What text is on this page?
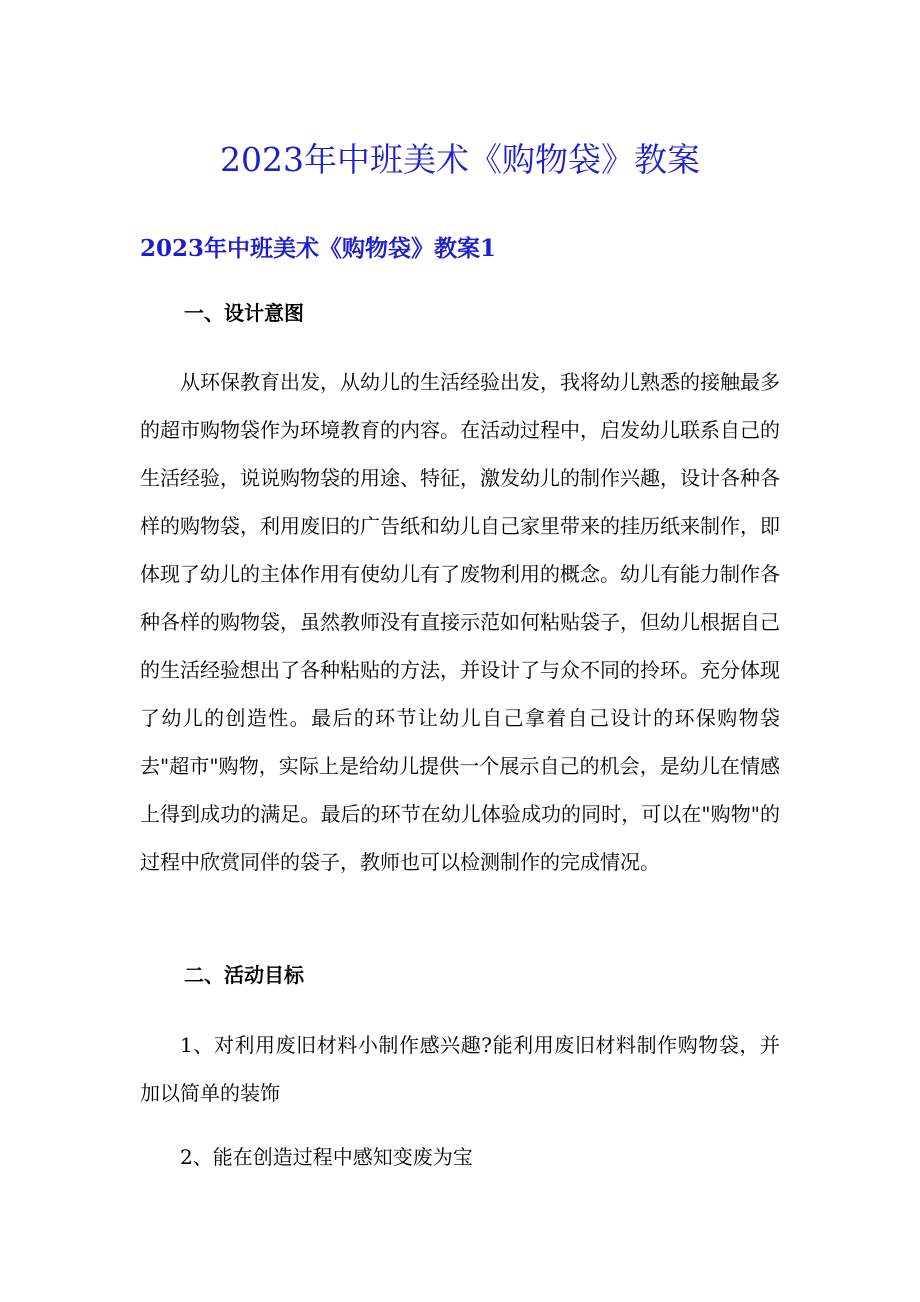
2023年中班美术《购物袋》教案
2023年中班美术《购物袋》教案1
一、设计意图

从环保教育出发，从幼儿的生活经验出发，我将幼儿熟悉的接触最多的超市购物袋作为环境教育的内容。在活动过程中，启发幼儿联系自己的生活经验，说说购物袋的用途、特征，激发幼儿的制作兴趣，设计各种各样的购物袋，利用废旧的广告纸和幼儿自己家里带来的挂历纸来制作，即体现了幼儿的主体作用有使幼儿有了废物利用的概念。幼儿有能力制作各种各样的购物袋，虽然教师没有直接示范如何粘贴袋子，但幼儿根据自己的生活经验想出了各种粘贴的方法，并设计了与众不同的拎环。充分体现了幼儿的创造性。最后的环节让幼儿自己拿着自己设计的环保购物袋去"超市"购物，实际上是给幼儿提供一个展示自己的机会，是幼儿在情感上得到成功的满足。最后的环节在幼儿体验成功的同时，可以在"购物"的过程中欣赏同伴的袋子，教师也可以检测制作的完成情况。

二、活动目标

1、对利用废旧材料小制作感兴趣?能利用废旧材料制作购物袋，并加以简单的装饰

2、能在创造过程中感知变废为宝
